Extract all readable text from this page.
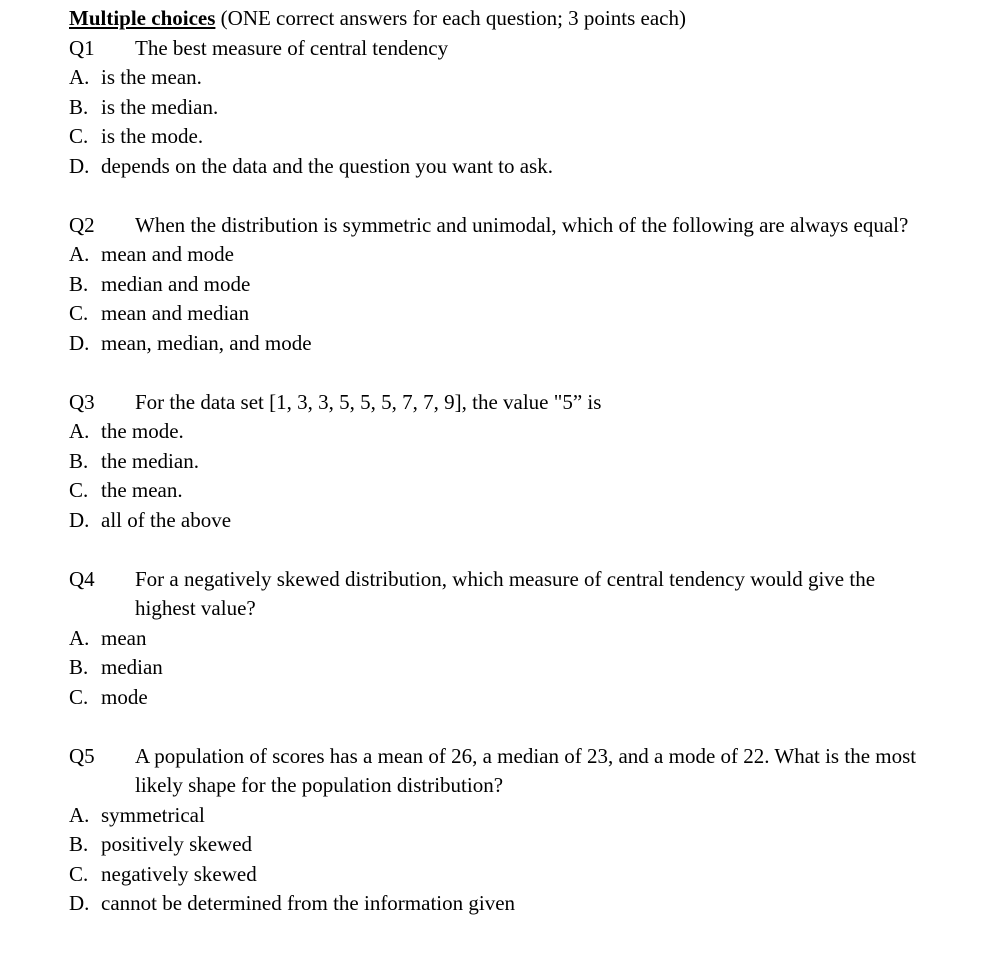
Multiple choices (ONE correct answers for each question; 3 points each)
Q1	The best measure of central tendency
A. is the mean.
B. is the median.
C. is the mode.
D. depends on the data and the question you want to ask.
Q2	When the distribution is symmetric and unimodal, which of the following are always equal?
A. mean and mode
B. median and mode
C. mean and median
D. mean, median, and mode
Q3	For the data set [1, 3, 3, 5, 5, 5, 7, 7, 9], the value "5” is
A. the mode.
B. the median.
C. the mean.
D. all of the above
Q4	For a negatively skewed distribution, which measure of central tendency would give the highest value?
A. mean
B. median
C. mode
Q5	A population of scores has a mean of 26, a median of 23, and a mode of 22. What is the most likely shape for the population distribution?
A. symmetrical
B. positively skewed
C. negatively skewed
D. cannot be determined from the information given
